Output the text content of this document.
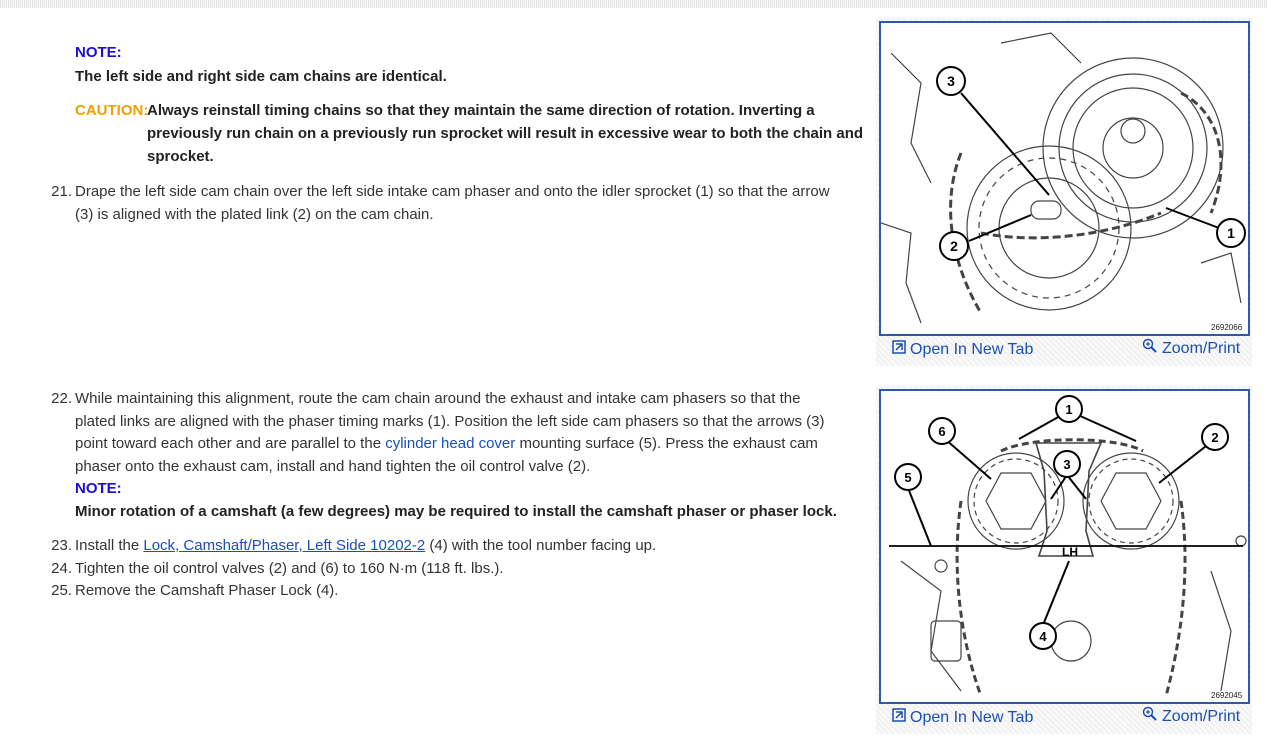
NOTE:
The left side and right side cam chains are identical.
CAUTION:
Always reinstall timing chains so that they maintain the same direction of rotation. Inverting a
previously run chain on a previously run sprocket will result in excessive wear to both the chain and
sprocket.
21. Drape the left side cam chain over the left side intake cam phaser and onto the idler sprocket (1) so that the arrow
(3) is aligned with the plated link (2) on the cam chain.
3
2
1
2692066
Open In New Tab	Zoom/Print
22. While maintaining this alignment, route the cam chain around the exhaust and intake cam phasers so that the
plated links are aligned with the phaser timing marks (1). Position the left side cam phasers so that the arrows (3)
point toward each other and are parallel to the cylinder head cover mounting surface (5). Press the exhaust cam
phaser onto the exhaust cam, install and hand tighten the oil control valve (2).
NOTE:
Minor rotation of a camshaft (a few degrees) may be required to install the camshaft phaser or phaser lock.
23. Install the Lock, Camshaft/Phaser, Left Side 10202-2 (4) with the tool number facing up.
24. Tighten the oil control valves (2) and (6) to 160 N·m (118 ft. lbs.).
25. Remove the Camshaft Phaser Lock (4).
1
2
3
4
5
6
LH
2692045
Open In New Tab	Zoom/Print
